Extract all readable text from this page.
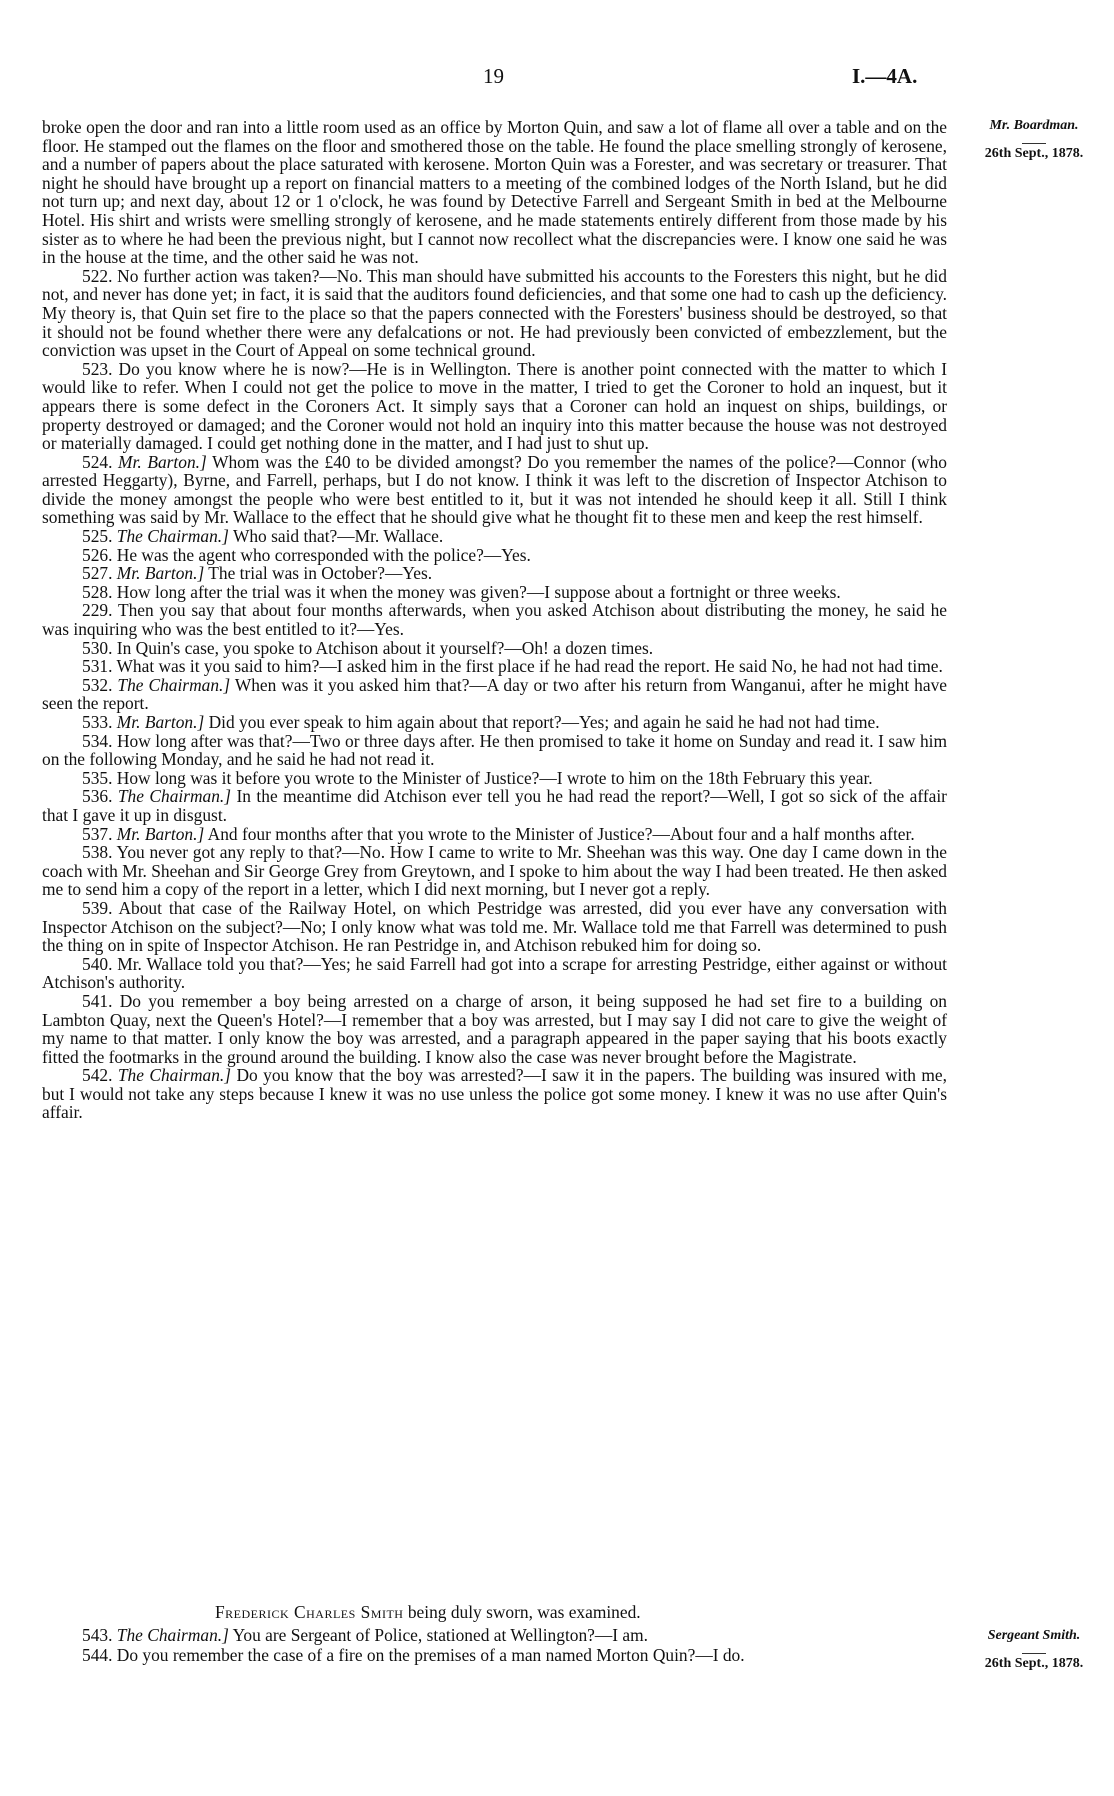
19	I.—4A.
Mr. Boardman.
26th Sept., 1878.

broke open the door and ran into a little room used as an office by Morton Quin, and saw a lot of flame all over a table and on the floor. He stamped out the flames on the floor and smothered those on the table. He found the place smelling strongly of kerosene, and a number of papers about the place saturated with kerosene. Morton Quin was a Forester, and was secretary or treasurer. That night he should have brought up a report on financial matters to a meeting of the combined lodges of the North Island, but he did not turn up; and next day, about 12 or 1 o'clock, he was found by Detective Farrell and Sergeant Smith in bed at the Melbourne Hotel. His shirt and wrists were smelling strongly of kerosene, and he made statements entirely different from those made by his sister as to where he had been the previous night, but I cannot now recollect what the discrepancies were. I know one said he was in the house at the time, and the other said he was not.

522. No further action was taken?—No. This man should have submitted his accounts to the Foresters this night, but he did not, and never has done yet; in fact, it is said that the auditors found deficiencies, and that some one had to cash up the deficiency. My theory is, that Quin set fire to the place so that the papers connected with the Foresters' business should be destroyed, so that it should not be found whether there were any defalcations or not. He had previously been convicted of embezzlement, but the conviction was upset in the Court of Appeal on some technical ground.

523. Do you know where he is now?—He is in Wellington. There is another point connected with the matter to which I would like to refer. When I could not get the police to move in the matter, I tried to get the Coroner to hold an inquest, but it appears there is some defect in the Coroners Act. It simply says that a Coroner can hold an inquest on ships, buildings, or property destroyed or damaged; and the Coroner would not hold an inquiry into this matter because the house was not destroyed or materially damaged. I could get nothing done in the matter, and I had just to shut up.

524. Mr. Barton.] Whom was the £40 to be divided amongst? Do you remember the names of the police?—Connor (who arrested Heggarty), Byrne, and Farrell, perhaps, but I do not know. I think it was left to the discretion of Inspector Atchison to divide the money amongst the people who were best entitled to it, but it was not intended he should keep it all. Still I think something was said by Mr. Wallace to the effect that he should give what he thought fit to these men and keep the rest himself.

525. The Chairman.] Who said that?—Mr. Wallace.

526. He was the agent who corresponded with the police?—Yes.

527. Mr. Barton.] The trial was in October?—Yes.

528. How long after the trial was it when the money was given?—I suppose about a fortnight or three weeks.

229. Then you say that about four months afterwards, when you asked Atchison about distributing the money, he said he was inquiring who was the best entitled to it?—Yes.

530. In Quin's case, you spoke to Atchison about it yourself?—Oh! a dozen times.

531. What was it you said to him?—I asked him in the first place if he had read the report. He said No, he had not had time.

532. The Chairman.] When was it you asked him that?—A day or two after his return from Wanganui, after he might have seen the report.

533. Mr. Barton.] Did you ever speak to him again about that report?—Yes; and again he said he had not had time.

534. How long after was that?—Two or three days after. He then promised to take it home on Sunday and read it. I saw him on the following Monday, and he said he had not read it.

535. How long was it before you wrote to the Minister of Justice?—I wrote to him on the 18th February this year.

536. The Chairman.] In the meantime did Atchison ever tell you he had read the report?—Well, I got so sick of the affair that I gave it up in disgust.

537. Mr. Barton.] And four months after that you wrote to the Minister of Justice?—About four and a half months after.

538. You never got any reply to that?—No. How I came to write to Mr. Sheehan was this way. One day I came down in the coach with Mr. Sheehan and Sir George Grey from Greytown, and I spoke to him about the way I had been treated. He then asked me to send him a copy of the report in a letter, which I did next morning, but I never got a reply.

539. About that case of the Railway Hotel, on which Pestridge was arrested, did you ever have any conversation with Inspector Atchison on the subject?—No; I only know what was told me. Mr. Wallace told me that Farrell was determined to push the thing on in spite of Inspector Atchison. He ran Pestridge in, and Atchison rebuked him for doing so.

540. Mr. Wallace told you that?—Yes; he said Farrell had got into a scrape for arresting Pestridge, either against or without Atchison's authority.

541. Do you remember a boy being arrested on a charge of arson, it being supposed he had set fire to a building on Lambton Quay, next the Queen's Hotel?—I remember that a boy was arrested, but I may say I did not care to give the weight of my name to that matter. I only know the boy was arrested, and a paragraph appeared in the paper saying that his boots exactly fitted the footmarks in the ground around the building. I know also the case was never brought before the Magistrate.

542. The Chairman.] Do you know that the boy was arrested?—I saw it in the papers. The building was insured with me, but I would not take any steps because I knew it was no use unless the police got some money. I knew it was no use after Quin's affair.

Frederick Charles Smith being duly sworn, was examined.
Sergeant Smith.
26th Sept., 1878.

543. The Chairman.] You are Sergeant of Police, stationed at Wellington?—I am.

544. Do you remember the case of a fire on the premises of a man named Morton Quin?—I do.
